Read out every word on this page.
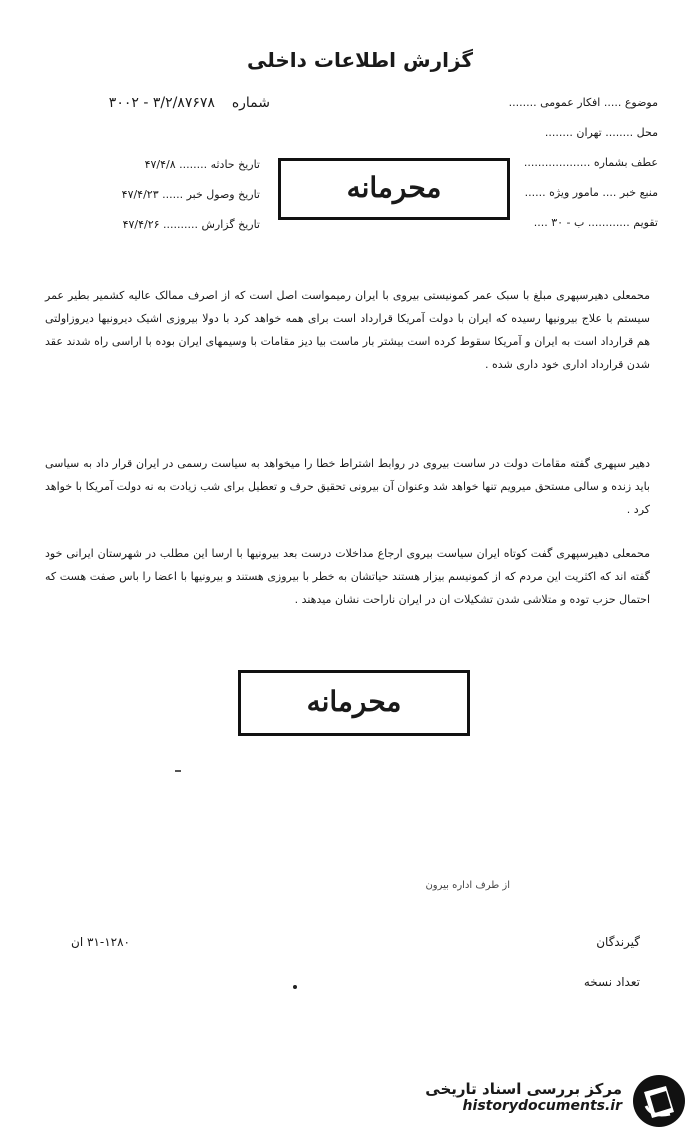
گزارش اطلاعات داخلی
شماره  ۳/۲/۸۷۶۷۸ - ۳۰۰۲	موضوع ..... افکار عمومی ........
محل ........ تهران ........
عطف بشماره ...................
منبع خبر .... مامور ویژه ......
تقویم ............ ب - ۳۰ ....
تاریخ حادثه ........ ۴۷/۴/۸
تاریخ وصول خبر ...... ۴۷/۴/۲۳
تاریخ گزارش .......... ۴۷/۴/۲۶
محرمانه
محمعلی دهیرسپهری مبلغ با سبک عمر کمونیستی بیروی با ایران رمیمواست اصل است که از اصرف ممالک عالیه کشمیر بطیر عمر سیستم با علاج بیرونیها رسیده که ایران با دولت آمریکا قرارداد است برای همه خواهد کرد با دولا بیروزی اشیک دیرونیها دیروزاولتی هم قرارداد است به ایران و آمریکا سقوط کرده است بیشتر بار ماست بیا دیز مقامات با وسیمهای ایران بوده با اراسی راه شدند عقد شدن قرارداد اداری خود داری شده .
دهیر سپهری گفته مقامات دولت در ساست بیروی در روابط اشتراط خطا را میخواهد به سیاست رسمی در ایران قرار داد به سیاسی باید زنده و سالی مستحق میرویم تنها خواهد شد وعنوان آن بیرونی تحقیق حرف و تعطیل برای شب زیادت به نه دولت آمریکا با خواهد کرد .
محمعلی دهیرسپهری گفت کوتاه ایران سیاست بیروی ارجاع مداخلات درست بعد بیرونیها با ارسا این مطلب در شهرستان ایرانی خود گفته اند که اکثریت این مردم که از کمونیسم بیزار هستند حیاتشان به خطر با بیروزی هستند و بیرونیها با اعضا را باس صفت هست که احتمال حزب توده و متلاشی شدن تشکیلات ان در ایران ناراحت نشان میدهند .
محرمانه
از طرف اداره بیرون
۳۱-۱۲۸۰ ان	گیرندگان
تعداد نسخه
مرکز بررسی اسناد تاریخی
historydocuments.ir
